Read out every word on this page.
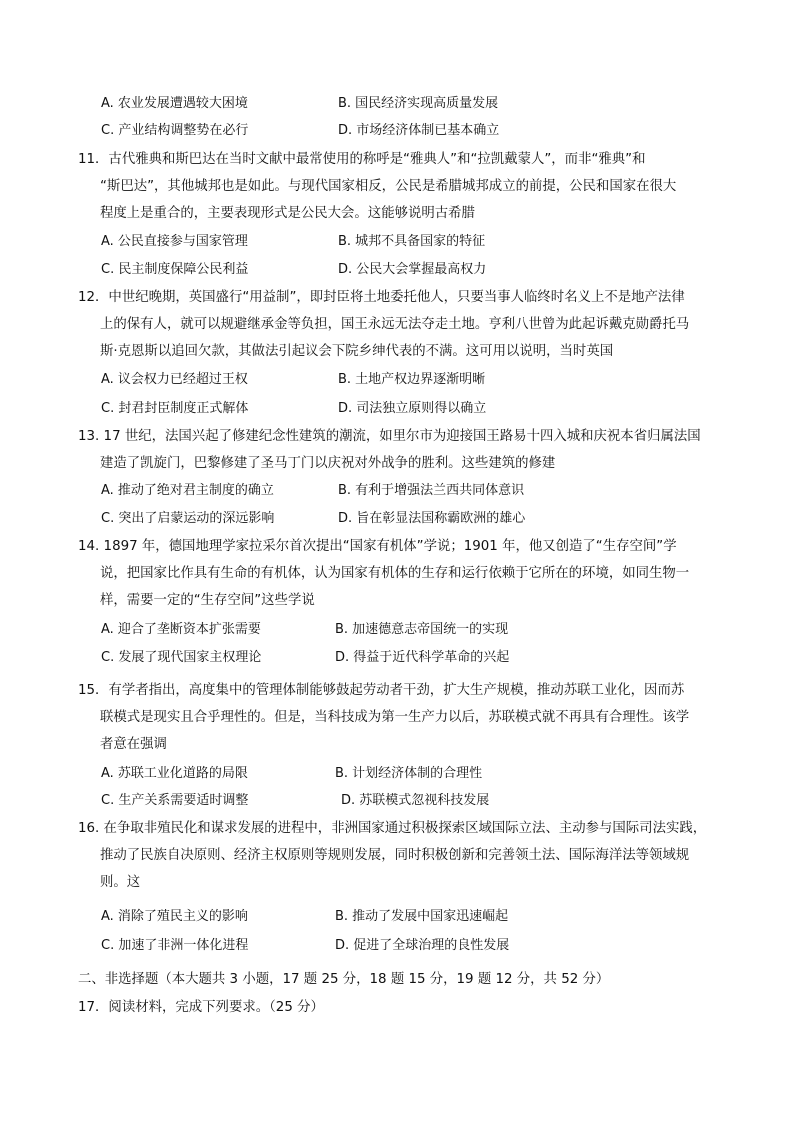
A. 农业发展遭遇较大困境	B. 国民经济实现高质量发展
C. 产业结构调整势在必行	D. 市场经济体制已基本确立
11．古代雅典和斯巴达在当时文献中最常使用的称呼是“雅典人”和“拉凯戴蒙人”，而非“雅典”和
“斯巴达”，其他城邦也是如此。与现代国家相反，公民是希腊城邦成立的前提，公民和国家在很大
程度上是重合的，主要表现形式是公民大会。这能够说明古希腊
A. 公民直接参与国家管理	B. 城邦不具备国家的特征
C. 民主制度保障公民利益	D. 公民大会掌握最高权力
12．中世纪晚期，英国盛行“用益制”，即封臣将土地委托他人，只要当事人临终时名义上不是地产法律
上的保有人，就可以规避继承金等负担，国王永远无法夺走土地。亨利八世曾为此起诉戴克勋爵托马
斯·克恩斯以追回欠款，其做法引起议会下院乡绅代表的不满。这可用以说明，当时英国
A. 议会权力已经超过王权	B. 土地产权边界逐渐明晰
C. 封君封臣制度正式解体	D. 司法独立原则得以确立
13. 17 世纪，法国兴起了修建纪念性建筑的潮流，如里尔市为迎接国王路易十四入城和庆祝本省归属法国
建造了凯旋门，巴黎修建了圣马丁门以庆祝对外战争的胜利。这些建筑的修建
A. 推动了绝对君主制度的确立	B. 有利于增强法兰西共同体意识
C. 突出了启蒙运动的深远影响	D. 旨在彰显法国称霸欧洲的雄心
14. 1897 年，德国地理学家拉采尔首次提出“国家有机体”学说；1901 年，他又创造了“生存空间”学
说，把国家比作具有生命的有机体，认为国家有机体的生存和运行依赖于它所在的环境，如同生物一
样，需要一定的“生存空间”这些学说
A. 迎合了垄断资本扩张需要	B. 加速德意志帝国统一的实现
C. 发展了现代国家主权理论	D. 得益于近代科学革命的兴起
15．有学者指出，高度集中的管理体制能够鼓起劳动者干劲，扩大生产规模，推动苏联工业化，因而苏
联模式是现实且合乎理性的。但是，当科技成为第一生产力以后，苏联模式就不再具有合理性。该学
者意在强调
A. 苏联工业化道路的局限	B. 计划经济体制的合理性
C. 生产关系需要适时调整	D. 苏联模式忽视科技发展
16. 在争取非殖民化和谋求发展的进程中，非洲国家通过积极探索区域国际立法、主动参与国际司法实践，
推动了民族自决原则、经济主权原则等规则发展，同时积极创新和完善领土法、国际海洋法等领域规
则。这
A. 消除了殖民主义的影响	B. 推动了发展中国家迅速崛起
C. 加速了非洲一体化进程	D. 促进了全球治理的良性发展
二、非选择题（本大题共 3 小题，17 题 25 分，18 题 15 分，19 题 12 分，共 52 分）
17．阅读材料，完成下列要求。（25 分）
